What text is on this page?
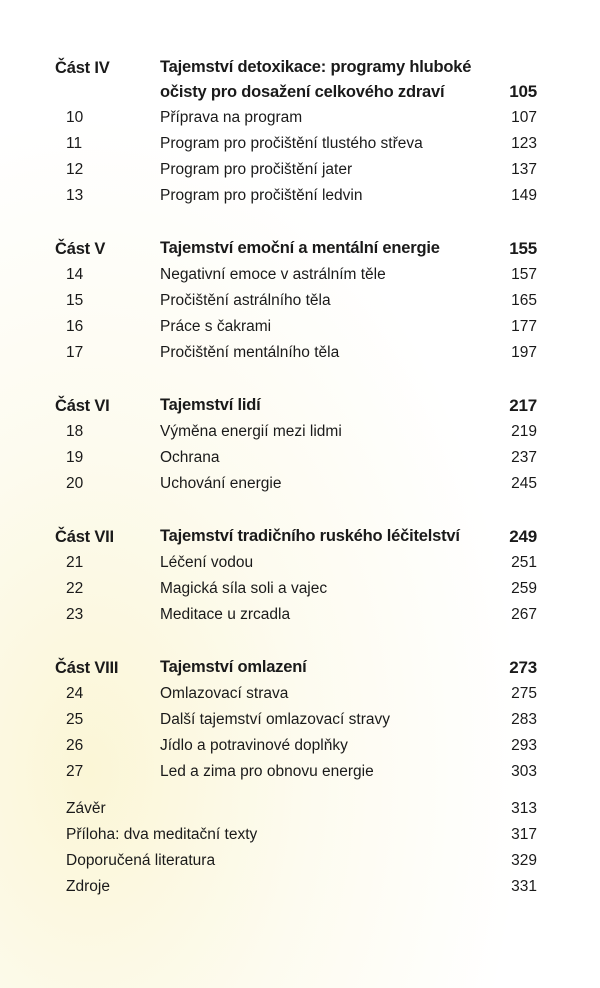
Část IV	Tajemství detoxikace: programy hluboké očisty pro dosažení celkového zdraví	105
10	Příprava na program	107
11	Program pro pročištění tlustého střeva	123
12	Program pro pročištění jater	137
13	Program pro pročištění ledvin	149
Část V	Tajemství emoční a mentální energie	155
14	Negativní emoce v astrálním těle	157
15	Pročištění astrálního těla	165
16	Práce s čakrami	177
17	Pročištění mentálního těla	197
Část VI	Tajemství lidí	217
18	Výměna energií mezi lidmi	219
19	Ochrana	237
20	Uchování energie	245
Část VII	Tajemství tradičního ruského léčitelství	249
21	Léčení vodou	251
22	Magická síla soli a vajec	259
23	Meditace u zrcadla	267
Část VIII	Tajemství omlazení	273
24	Omlazovací strava	275
25	Další tajemství omlazovací stravy	283
26	Jídlo a potravinové doplňky	293
27	Led a zima pro obnovu energie	303
Závěr	313
Příloha: dva meditační texty	317
Doporučená literatura	329
Zdroje	331
